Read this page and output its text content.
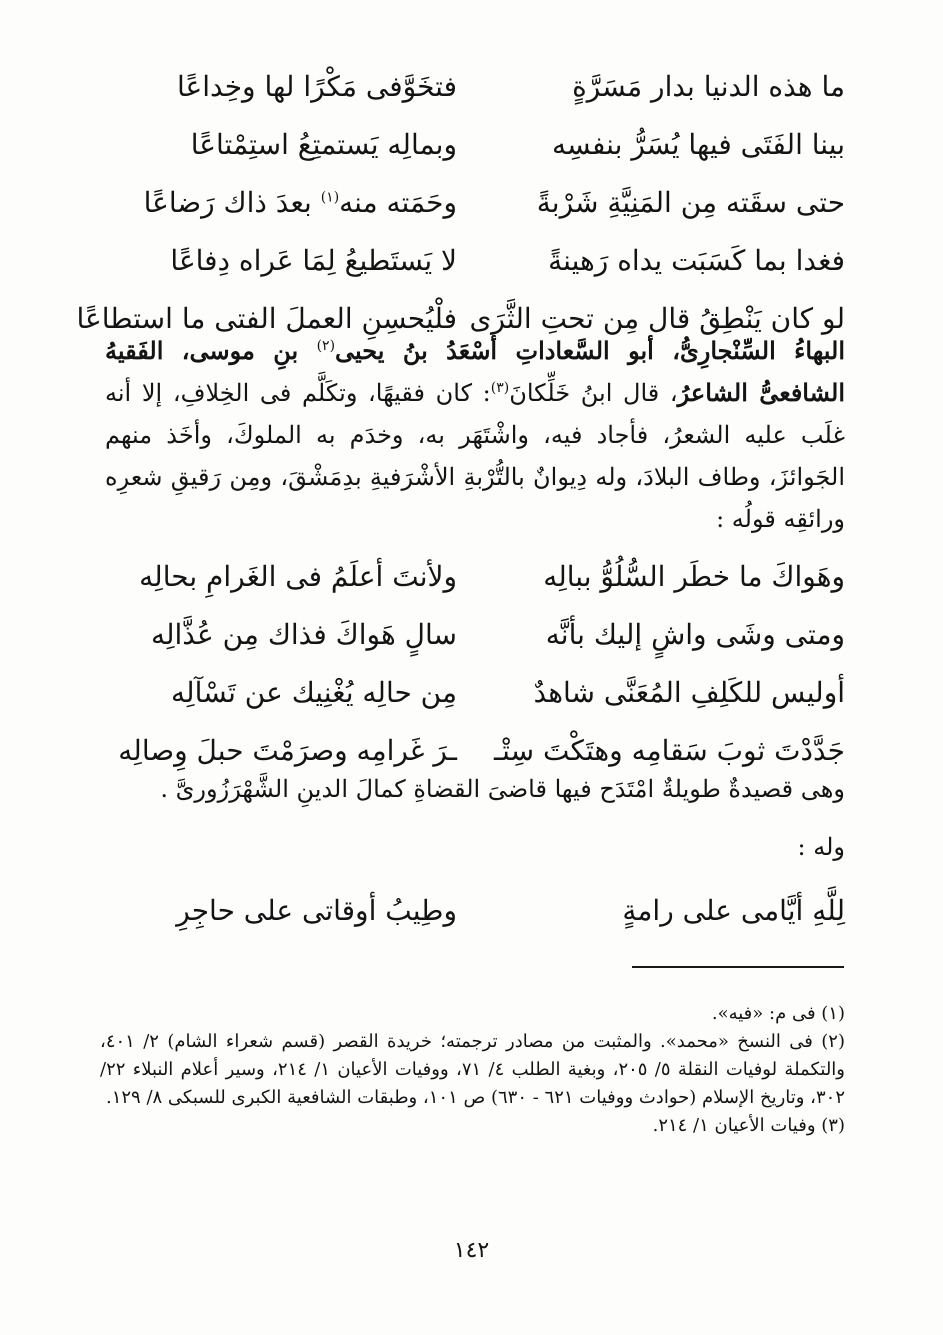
ما هذه الدنيا بدار مَسَرَّةٍ
فتخَوَّفى مَكْرًا لها وخِداعًا
بينا الفَتَى فيها يُسَرُّ بنفسِه
وبمالِه يَستمتِعُ استِمْتاعًا
حتى سقَته مِن المَنِيَّةِ شَرْبةً
وحَمَته منه$^{(١)}$ بعدَ ذاك رَضاعًا
فغدا بما كَسَبَت يداه رَهينةً
لا يَستَطيعُ لِمَا عَراه دِفاعًا
لو كان يَنْطِقُ قال مِن تحتِ الثَّرَى
فلْيُحسِنِ العملَ الفتى ما استطاعًا
البهاءُ السِّنْجارِىُّ، أبو السَّعاداتِ أَسْعَدُ بنُ يحيى$^{(٢)}$ بنِ موسى، الفَقيهُ الشافعىُّ الشاعرُ، قال ابنُ خَلِّكانَ$^{(٣)}$: كان فقيهًا، وتكَلَّم فى الخِلافِ، إلا أنه غلَب عليه الشعرُ، فأجاد فيه، واشْتَهَر به، وخدَم به الملوكَ، وأخَذ منهم الجَوائزَ، وطاف البلادَ، وله دِيوانٌ بالتُّرْبةِ الأشْرَفيةِ بدِمَشْقَ، ومِن رَقيقِ شعرِه ورائقِه قولُه :
وهَواكَ ما خطَر السُّلُوُّ ببالِه
ولأنتَ أعلَمُ فى الغَرامِ بحالِه
ومتى وشَى واشٍ إليك بأنَّه
سالٍ هَواكَ فذاك مِن عُذَّالِه
أوليس للكَلِفِ المُعَنَّى شاهدٌ
مِن حالِه يُغْنِيك عن تَسْآلِه
جَدَّدْتَ ثوبَ سَقامِه وهتَكْتَ سِتْـ
ـرَ غَرامِه وصرَمْتَ حبلَ وِصالِه
وهى قصيدةٌ طويلةٌ امْتَدَح فيها قاضىَ القضاةِ كمالَ الدينِ الشَّهْرَزُورىَّ .
وله :
لِلَّهِ أيَّامى على رامةٍ
وطِيبُ أوقاتى على حاجِرِ

(١) فى م: «فيه».

(٢) فى النسخ «محمد». والمثبت من مصادر ترجمته؛ خريدة القصر (قسم شعراء الشام) ٢/ ٤٠١، والتكملة لوفيات النقلة ٥/ ٢٠٥، وبغية الطلب ٤/ ٧١، ووفيات الأعيان ١/ ٢١٤، وسير أعلام النبلاء ٢٢/ ٣٠٢، وتاريخ الإسلام (حوادث ووفيات ٦٢١ - ٦٣٠) ص ١٠١، وطبقات الشافعية الكبرى للسبكى ٨/ ١٢٩.

(٣) وفيات الأعيان ١/ ٢١٤.

١٤٢
